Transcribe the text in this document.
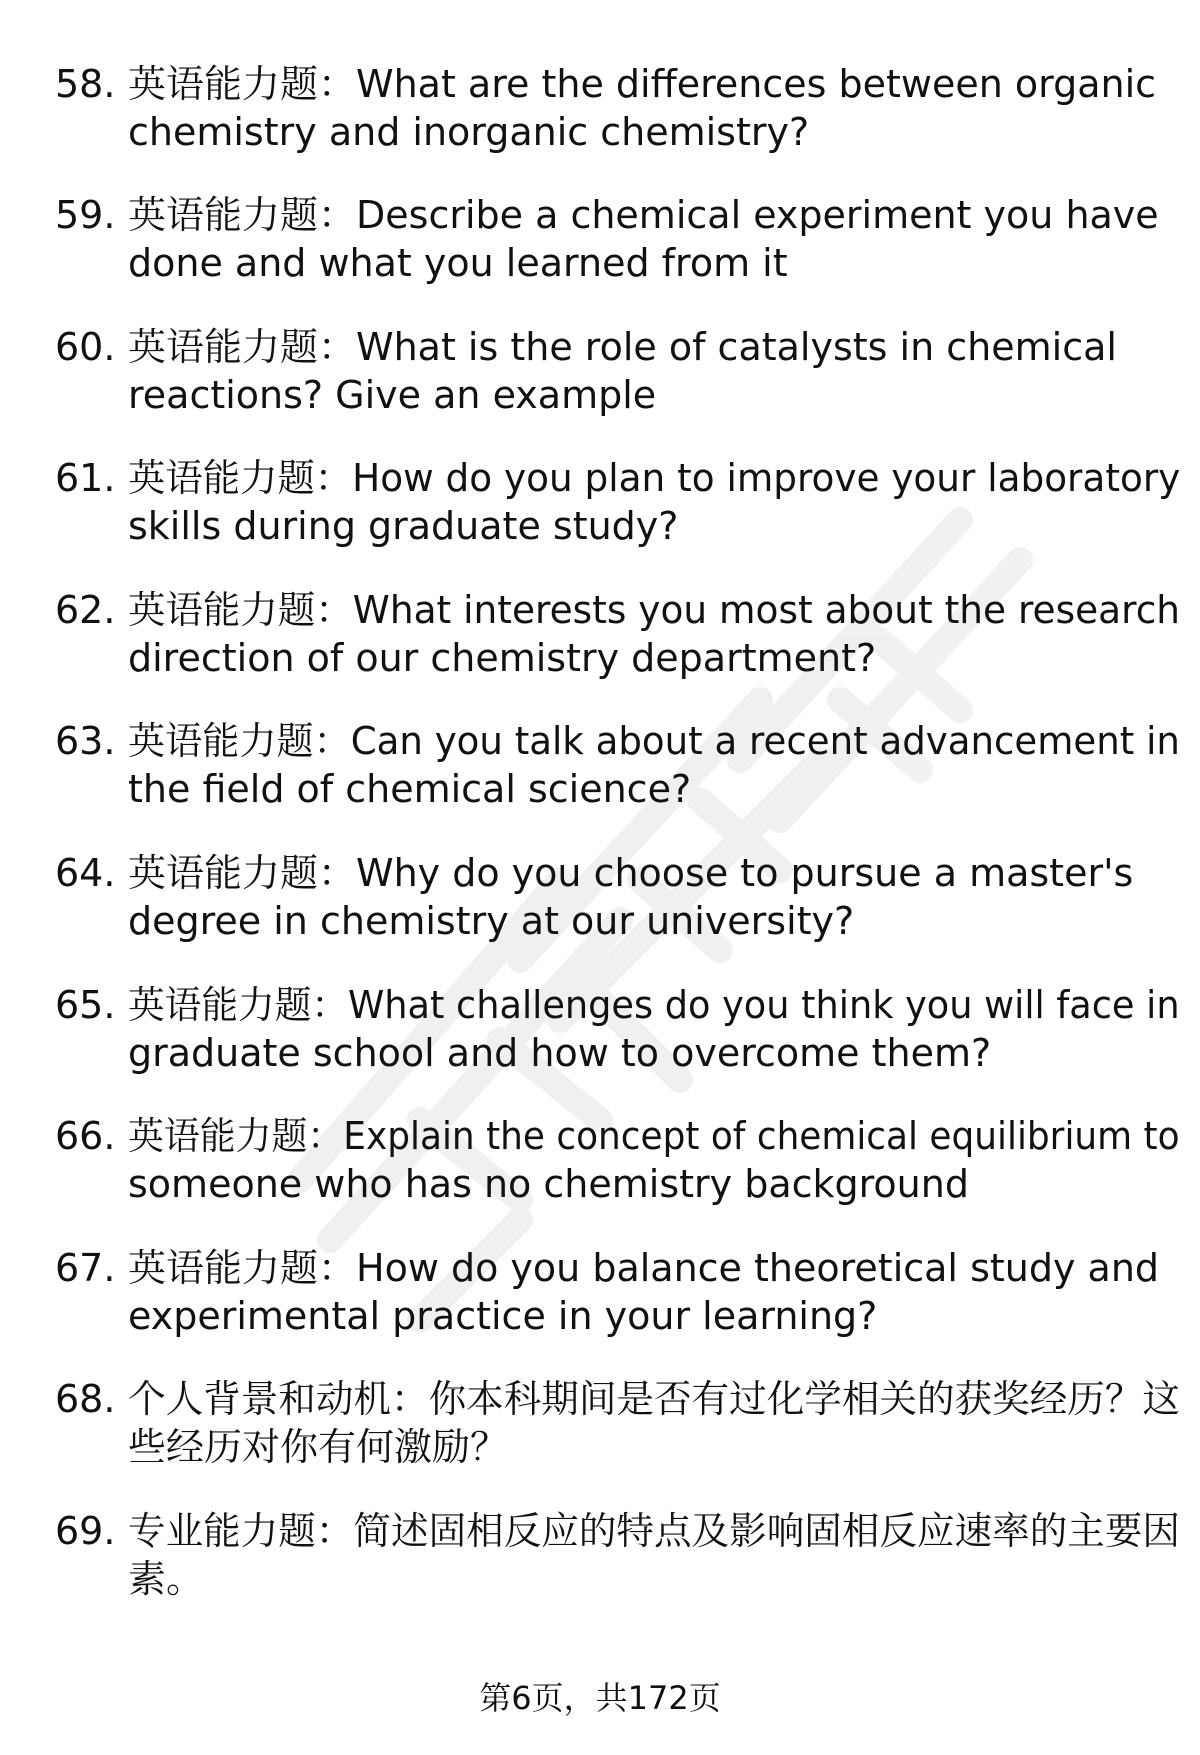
58. 英语能力题：What are the differences between organic
chemistry and inorganic chemistry?
59. 英语能力题：Describe a chemical experiment you have
done and what you learned from it
60. 英语能力题：What is the role of catalysts in chemical
reactions? Give an example
61. 英语能力题：How do you plan to improve your laboratory
skills during graduate study?
62. 英语能力题：What interests you most about the research
direction of our chemistry department?
63. 英语能力题：Can you talk about a recent advancement in
the field of chemical science?
64. 英语能力题：Why do you choose to pursue a master's
degree in chemistry at our university?
65. 英语能力题：What challenges do you think you will face in
graduate school and how to overcome them?
66. 英语能力题：Explain the concept of chemical equilibrium to
someone who has no chemistry background
67. 英语能力题：How do you balance theoretical study and
experimental practice in your learning?
68. 个人背景和动机：你本科期间是否有过化学相关的获奖经历？这
些经历对你有何激励？
69. 专业能力题：简述固相反应的特点及影响固相反应速率的主要因
素。
第6页，共172页
